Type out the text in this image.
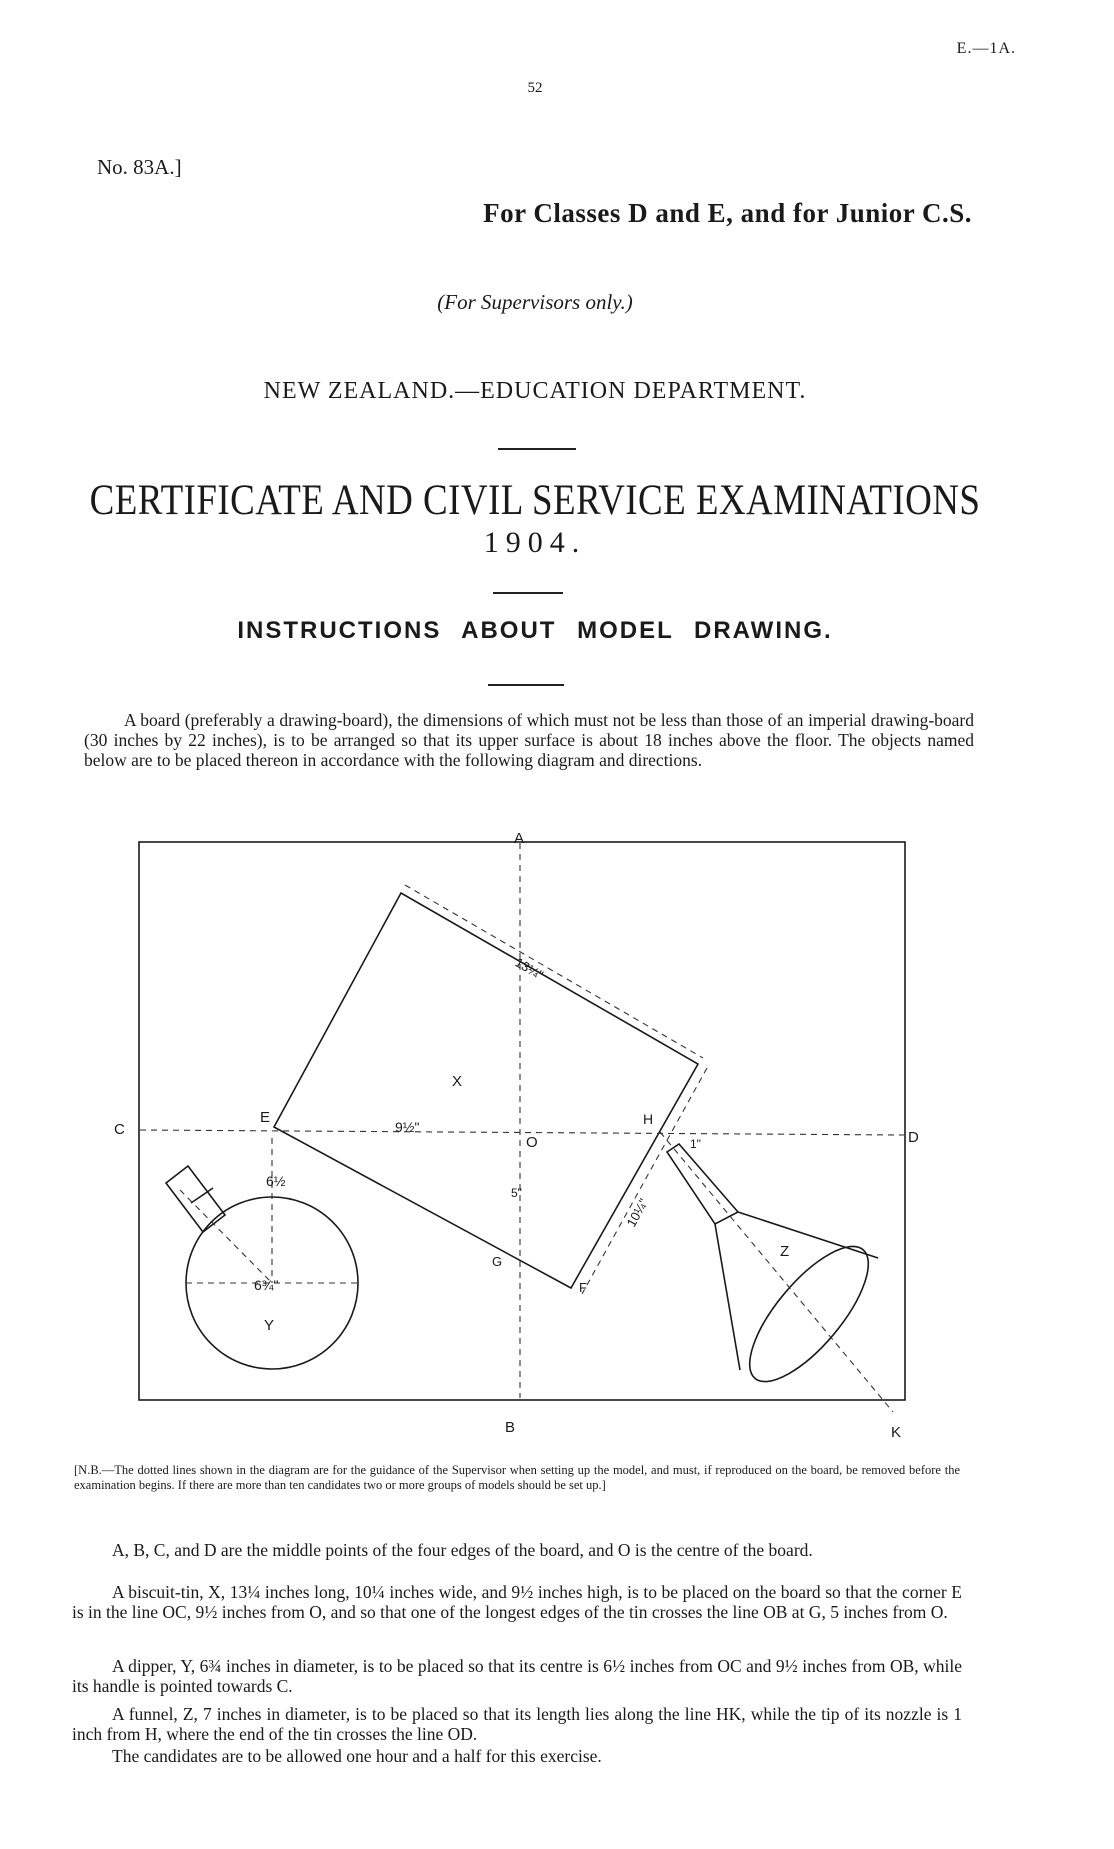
E.—1A.
52
No. 83A.]
For Classes D and E, and for Junior C.S.
(For Supervisors only.)
NEW ZEALAND.—EDUCATION DEPARTMENT.
CERTIFICATE AND CIVIL SERVICE EXAMINATIONS
1904.
INSTRUCTIONS ABOUT MODEL DRAWING.
A board (preferably a drawing-board), the dimensions of which must not be less than those of an imperial drawing-board (30 inches by 22 inches), is to be arranged so that its upper surface is about 18 inches above the floor. The objects named below are to be placed thereon in accordance with the following diagram and directions.
A
B
C	D
K
O
E
F
G
H
X
Y
Z
9½"
5"
6½
6¾"
1"
13¼"
10¼"
[N.B.—The dotted lines shown in the diagram are for the guidance of the Supervisor when setting up the model, and must, if reproduced on the board, be removed before the examination begins. If there are more than ten candidates two or more groups of models should be set up.]
A, B, C, and D are the middle points of the four edges of the board, and O is the centre of the board.
A biscuit-tin, X, 13¼ inches long, 10¼ inches wide, and 9½ inches high, is to be placed on the board so that the corner E is in the line OC, 9½ inches from O, and so that one of the longest edges of the tin crosses the line OB at G, 5 inches from O.
A dipper, Y, 6¾ inches in diameter, is to be placed so that its centre is 6½ inches from OC and 9½ inches from OB, while its handle is pointed towards C.
A funnel, Z, 7 inches in diameter, is to be placed so that its length lies along the line HK, while the tip of its nozzle is 1 inch from H, where the end of the tin crosses the line OD.
The candidates are to be allowed one hour and a half for this exercise.
